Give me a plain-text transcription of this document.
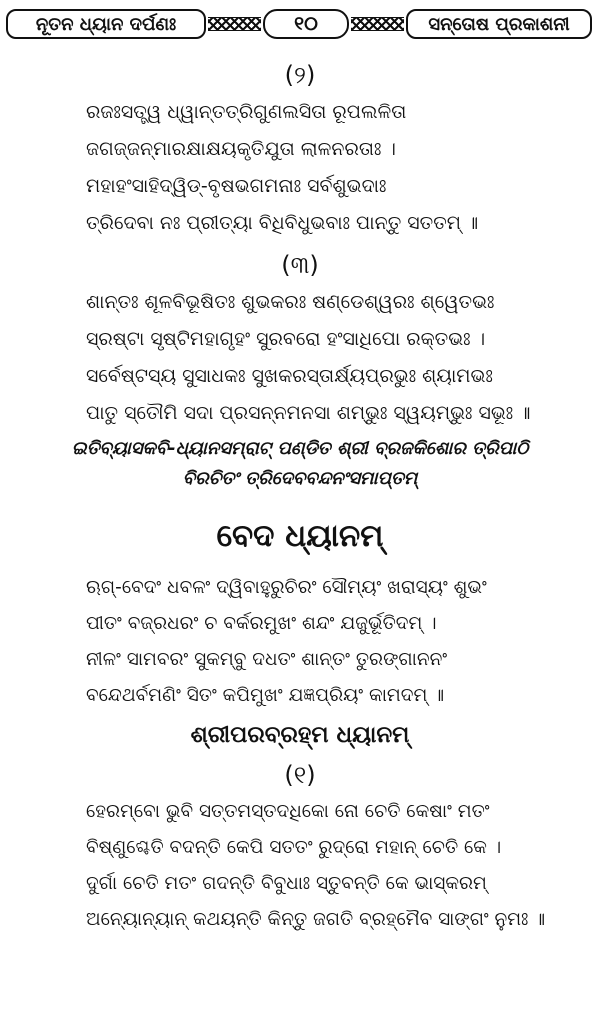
ନୂତନ ଧ୍ୟାନ ଦର୍ପଣଃ	୧୦	ସନ୍ତୋଷ ପ୍ରକାଶନୀ
(୨)
ରଜଃସତ୍ତ୍ୱ ଧ୍ୱାନ୍ତତ୍ରିଗୁଣଲସିତା ରୂପଲଳିତା
ଜଗଜ୍ଜନ୍ମାରକ୍ଷାକ୍ଷୟକୃତିଯୁତା ଲାଳନରତାଃ ।
ମହାହଂସାହିଦ୍ୱିଡ୍-ବୃଷଭଗମନାଃ ସର୍ବଶୁଭଦାଃ
ତ୍ରିଦେବା ନଃ ପ୍ରୀତ୍ୟା ବିଧିବିଧୁଭବାଃ ପାନ୍ତୁ ସତତମ୍ ॥
(୩)
ଶାନ୍ତଃ ଶୂଳବିଭୂଷିତଃ ଶୁଭକରଃ ଷଣ୍ଡେଶ୍ୱରଃ ଶ୍ୱେତଭଃ
ସ୍ରଷ୍ଟା ସୃଷ୍ଟିମହାଗୃହଂ ସୁରବରୋ ହଂସାଧିପୋ ରକ୍ତଭଃ ।
ସର୍ବେଷ୍ଟସ୍ୟ ସୁସାଧକଃ ସୁଖକରସ୍ତାର୍କ୍ଷ୍ୟପ୍ରଭୁଃ ଶ୍ୟାମଭଃ
ପାତୁ ସ୍ତୌମି ସଦା ପ୍ରସନ୍ନମନସା ଶମ୍ଭୁଃ ସ୍ୱୟମ୍ଭୁଃ ସଭୂଃ ॥
ଇତିବ୍ୟାସକବି-ଧ୍ୟାନସମ୍ରାଟ୍ ପଣ୍ଡିତ ଶ୍ରୀ ବ୍ରଜକିଶୋର ତ୍ରିପାଠି
ବିରଚିତଂ ତ୍ରିଦେବବନ୍ଦନଂସମାପ୍ତମ୍
ବେଦ ଧ୍ୟାନମ୍
ଋଗ୍-ବେଦଂ ଧବଳଂ ଦ୍ୱିବାହୁରୁଚିରଂ ସୌମ୍ୟଂ ଖରାସ୍ୟଂ ଶୁଭଂ
ପୀତଂ ବଜ୍ରଧରଂ ଚ ବର୍କରମୁଖଂ ଶନ୍ଦଂ ଯଜୁର୍ଭୂତିଦମ୍ ।
ନୀଳଂ ସାମବରଂ ସୁକମ୍ବୁ ଦଧତଂ ଶାନ୍ତଂ ତୁରଙ୍ଗାନନଂ
ବନ୍ଦେଥର୍ବମଣିଂ ସିତଂ କପିମୁଖଂ ଯଜ୍ଞପ୍ରିୟଂ କାମଦମ୍ ॥
ଶ୍ରୀପରବ୍ରହ୍ମ ଧ୍ୟାନମ୍
(୧)
ହେରମ୍ବୋ ଭୁବି ସତ୍ତମସ୍ତଦଧିକୋ ନୋ ଚେତି କେଷାଂ ମତଂ
ବିଷ୍ଣୁଶ୍ଚେତି ବଦନ୍ତି କେପି ସତତଂ ରୁଦ୍ରୋ ମହାନ୍ ଚେତି କେ ।
ଦୁର୍ଗା ଚେତି ମତଂ ଗଦନ୍ତି ବିବୁଧାଃ ସ୍ତୁବନ୍ତି କେ ଭାସ୍କରମ୍
ଅନ୍ୟୋନ୍ୟାନ୍ କଥୟନ୍ତି କିନ୍ତୁ ଜଗତି ବ୍ରହ୍ମୈବ ସାଙ୍ଗଂ ନୁମଃ ॥
